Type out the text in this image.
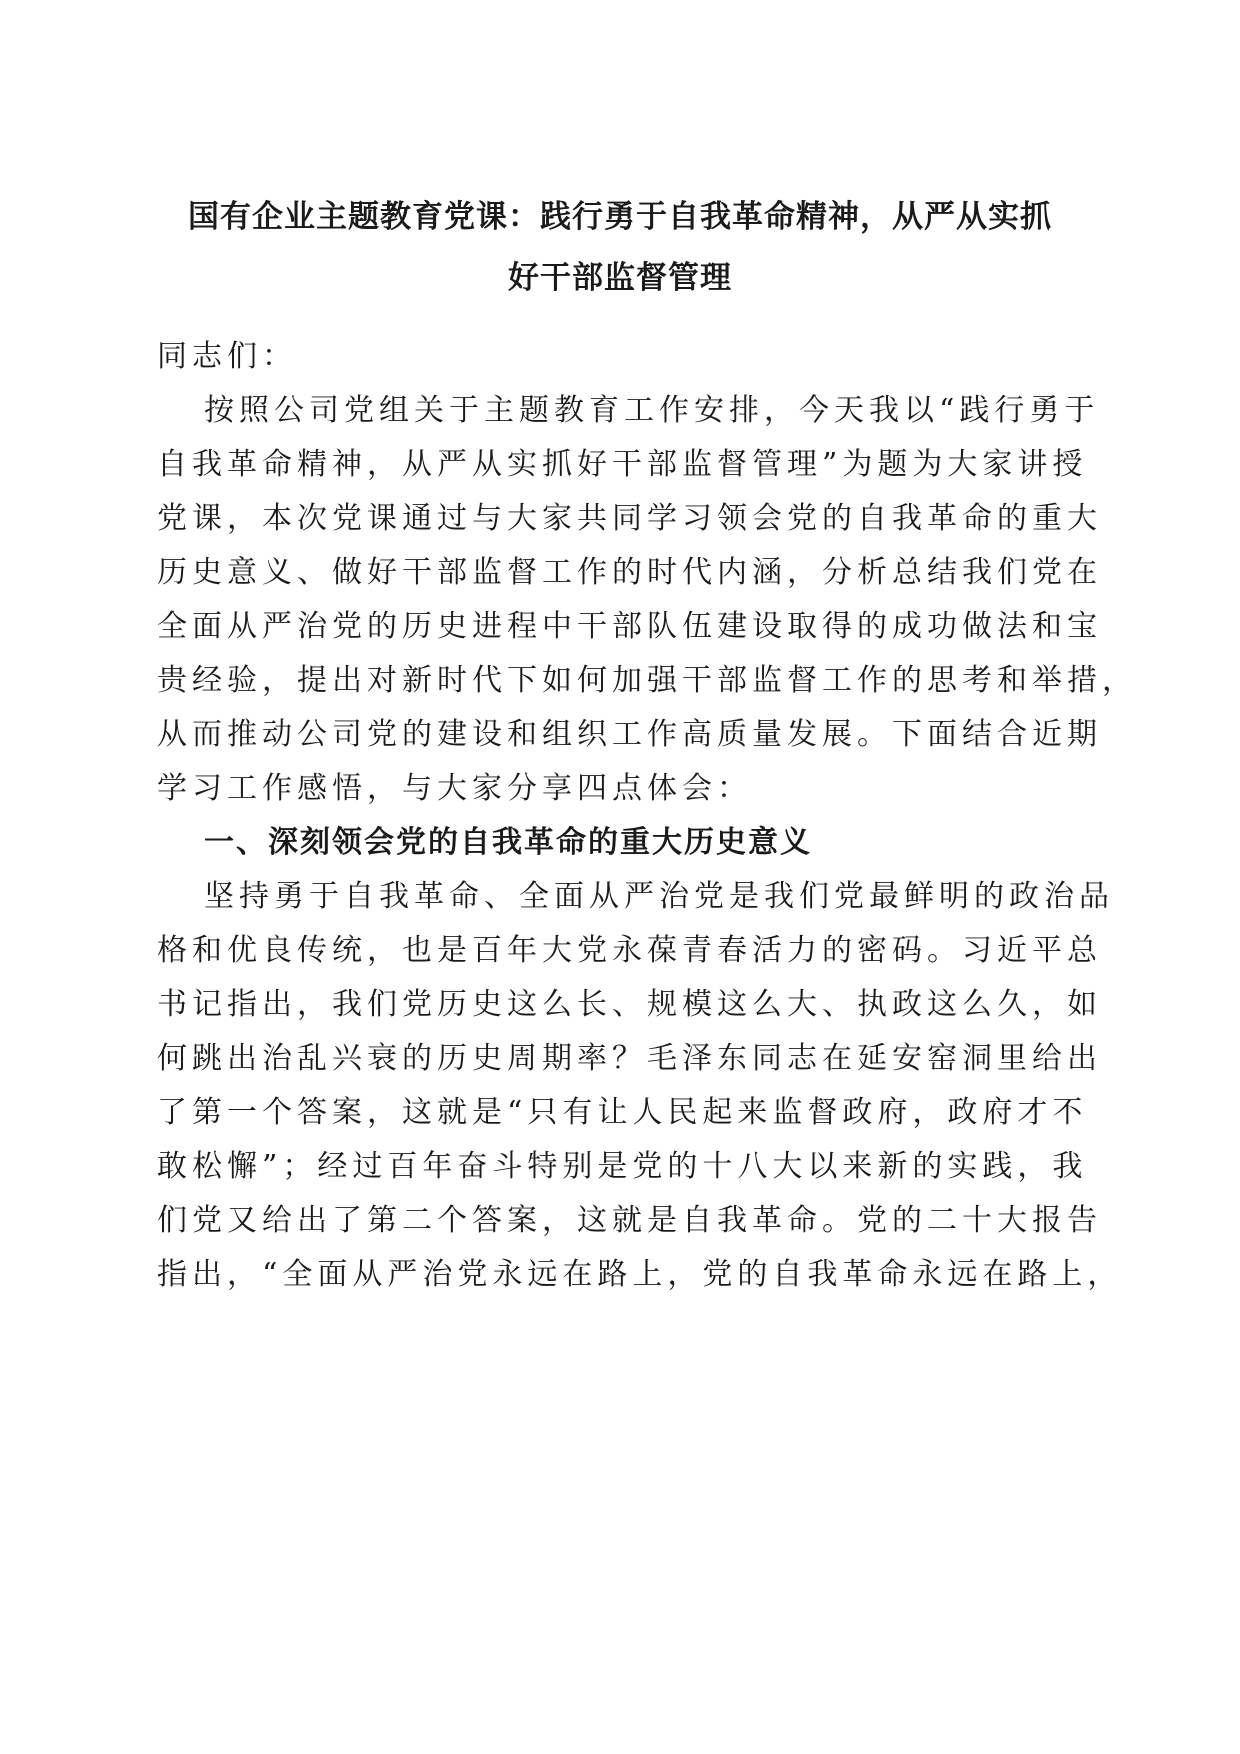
国有企业主题教育党课：践行勇于自我革命精神，从严从实抓
好干部监督管理
同志们：
按照公司党组关于主题教育工作安排，今天我以“践行勇于
自我革命精神，从严从实抓好干部监督管理”为题为大家讲授
党课，本次党课通过与大家共同学习领会党的自我革命的重大
历史意义、做好干部监督工作的时代内涵，分析总结我们党在
全面从严治党的历史进程中干部队伍建设取得的成功做法和宝
贵经验，提出对新时代下如何加强干部监督工作的思考和举措，
从而推动公司党的建设和组织工作高质量发展。下面结合近期
学习工作感悟，与大家分享四点体会：
一、深刻领会党的自我革命的重大历史意义
坚持勇于自我革命、全面从严治党是我们党最鲜明的政治品
格和优良传统，也是百年大党永葆青春活力的密码。习近平总
书记指出，我们党历史这么长、规模这么大、执政这么久，如
何跳出治乱兴衰的历史周期率？毛泽东同志在延安窑洞里给出
了第一个答案，这就是“只有让人民起来监督政府，政府才不
敢松懈”；经过百年奋斗特别是党的十八大以来新的实践，我
们党又给出了第二个答案，这就是自我革命。党的二十大报告
指出，“全面从严治党永远在路上，党的自我革命永远在路上，
